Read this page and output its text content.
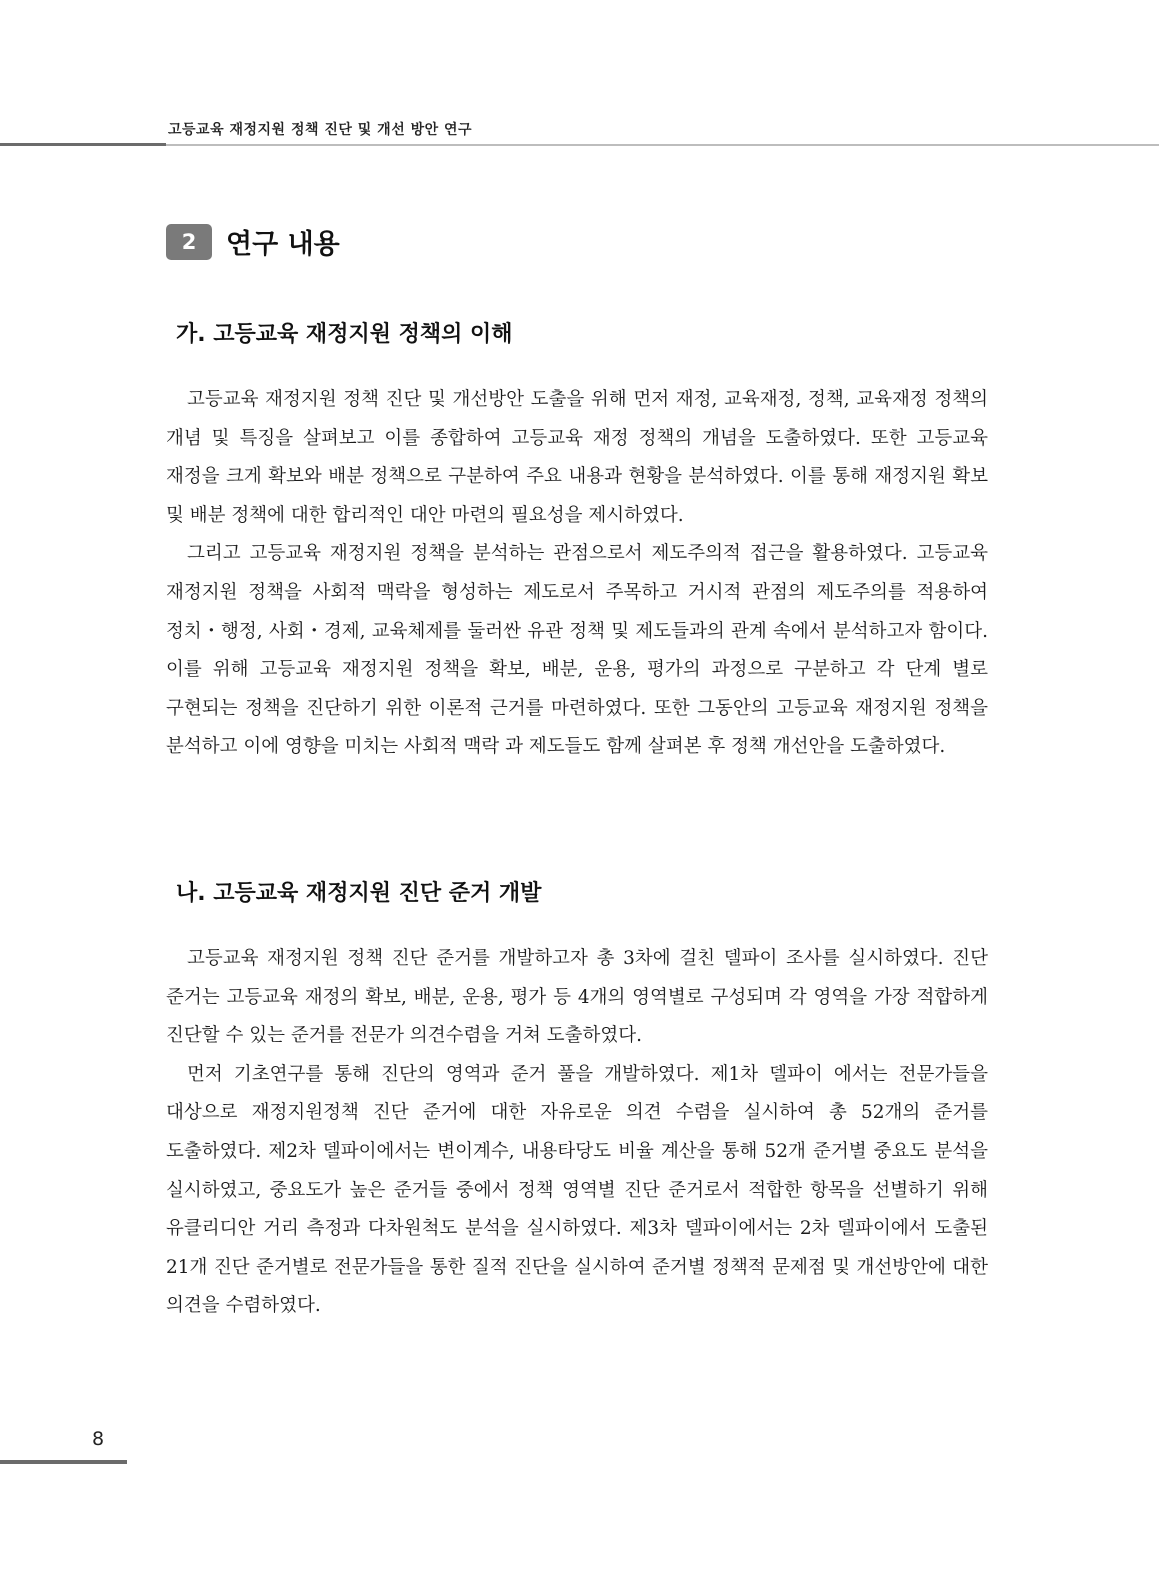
고등교육 재정지원 정책 진단 및 개선 방안 연구
2	연구 내용
가. 고등교육 재정지원 정책의 이해

고등교육 재정지원 정책 진단 및 개선방안 도출을 위해 먼저 재정, 교육재정, 정책, 교육재정 정책의 개념 및 특징을 살펴보고 이를 종합하여 고등교육 재정 정책의 개념을 도출하였다. 또한 고등교육 재정을 크게 확보와 배분 정책으로 구분하여 주요 내용과 현황을 분석하였다. 이를 통해 재정지원 확보 및 배분 정책에 대한 합리적인 대안 마련의 필요성을 제시하였다.

그리고 고등교육 재정지원 정책을 분석하는 관점으로서 제도주의적 접근을 활용하였다. 고등교육 재정지원 정책을 사회적 맥락을 형성하는 제도로서 주목하고 거시적 관점의 제도주의를 적용하여 정치・행정, 사회・경제, 교육체제를 둘러싼 유관 정책 및 제도들과의 관계 속에서 분석하고자 함이다. 이를 위해 고등교육 재정지원 정책을 확보, 배분, 운용, 평가의 과정으로 구분하고 각 단계 별로 구현되는 정책을 진단하기 위한 이론적 근거를 마련하였다. 또한 그동안의 고등교육 재정지원 정책을 분석하고 이에 영향을 미치는 사회적 맥락 과 제도들도 함께 살펴본 후 정책 개선안을 도출하였다.

나. 고등교육 재정지원 진단 준거 개발

고등교육 재정지원 정책 진단 준거를 개발하고자 총 3차에 걸친 델파이 조사를 실시하였다. 진단 준거는 고등교육 재정의 확보, 배분, 운용, 평가 등 4개의 영역별로 구성되며 각 영역을 가장 적합하게 진단할 수 있는 준거를 전문가 의견수렴을 거쳐 도출하였다.

먼저 기초연구를 통해 진단의 영역과 준거 풀을 개발하였다. 제1차 델파이 에서는 전문가들을 대상으로 재정지원정책 진단 준거에 대한 자유로운 의견 수렴을 실시하여 총 52개의 준거를 도출하였다. 제2차 델파이에서는 변이계수, 내용타당도 비율 계산을 통해 52개 준거별 중요도 분석을 실시하였고, 중요도가 높은 준거들 중에서 정책 영역별 진단 준거로서 적합한 항목을 선별하기 위해 유클리디안 거리 측정과 다차원척도 분석을 실시하였다. 제3차 델파이에서는 2차 델파이에서 도출된 21개 진단 준거별로 전문가들을 통한 질적 진단을 실시하여 준거별 정책적 문제점 및 개선방안에 대한 의견을 수렴하였다.

8
